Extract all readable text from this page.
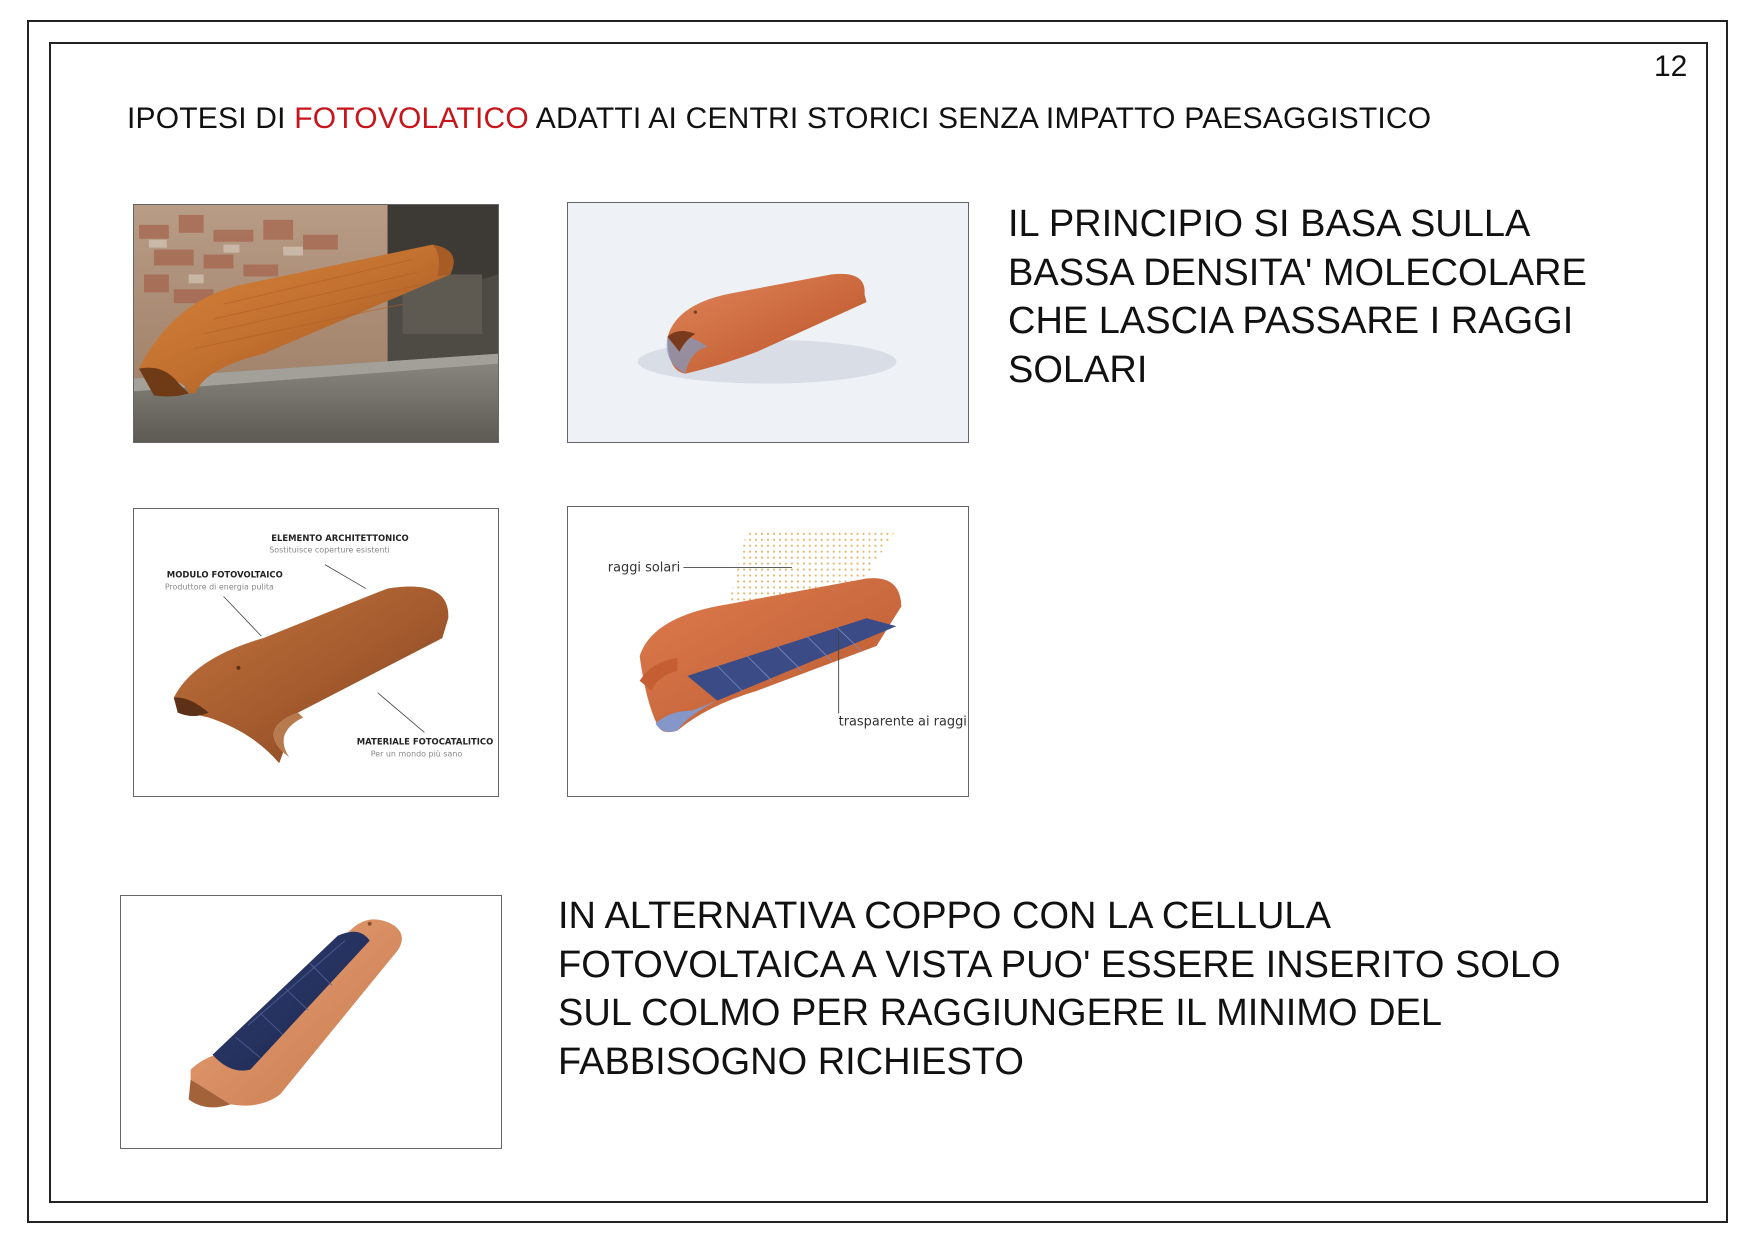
12
IPOTESI DI FOTOVOLATICO ADATTI AI CENTRI STORICI SENZA IMPATTO PAESAGGISTICO
ELEMENTO ARCHITETTONICO
Sostituisce coperture esistenti
MODULO FOTOVOLTAICO
Produttore di energia pulita
MATERIALE FOTOCATALITICO
Per un mondo più sano
raggi solari
trasparente ai raggi
IL PRINCIPIO SI BASA SULLA
BASSA DENSITA' MOLECOLARE
CHE LASCIA PASSARE I RAGGI
SOLARI
IN ALTERNATIVA COPPO CON LA CELLULA
FOTOVOLTAICA A VISTA PUO' ESSERE INSERITO SOLO
SUL COLMO PER RAGGIUNGERE IL MINIMO DEL
FABBISOGNO RICHIESTO
